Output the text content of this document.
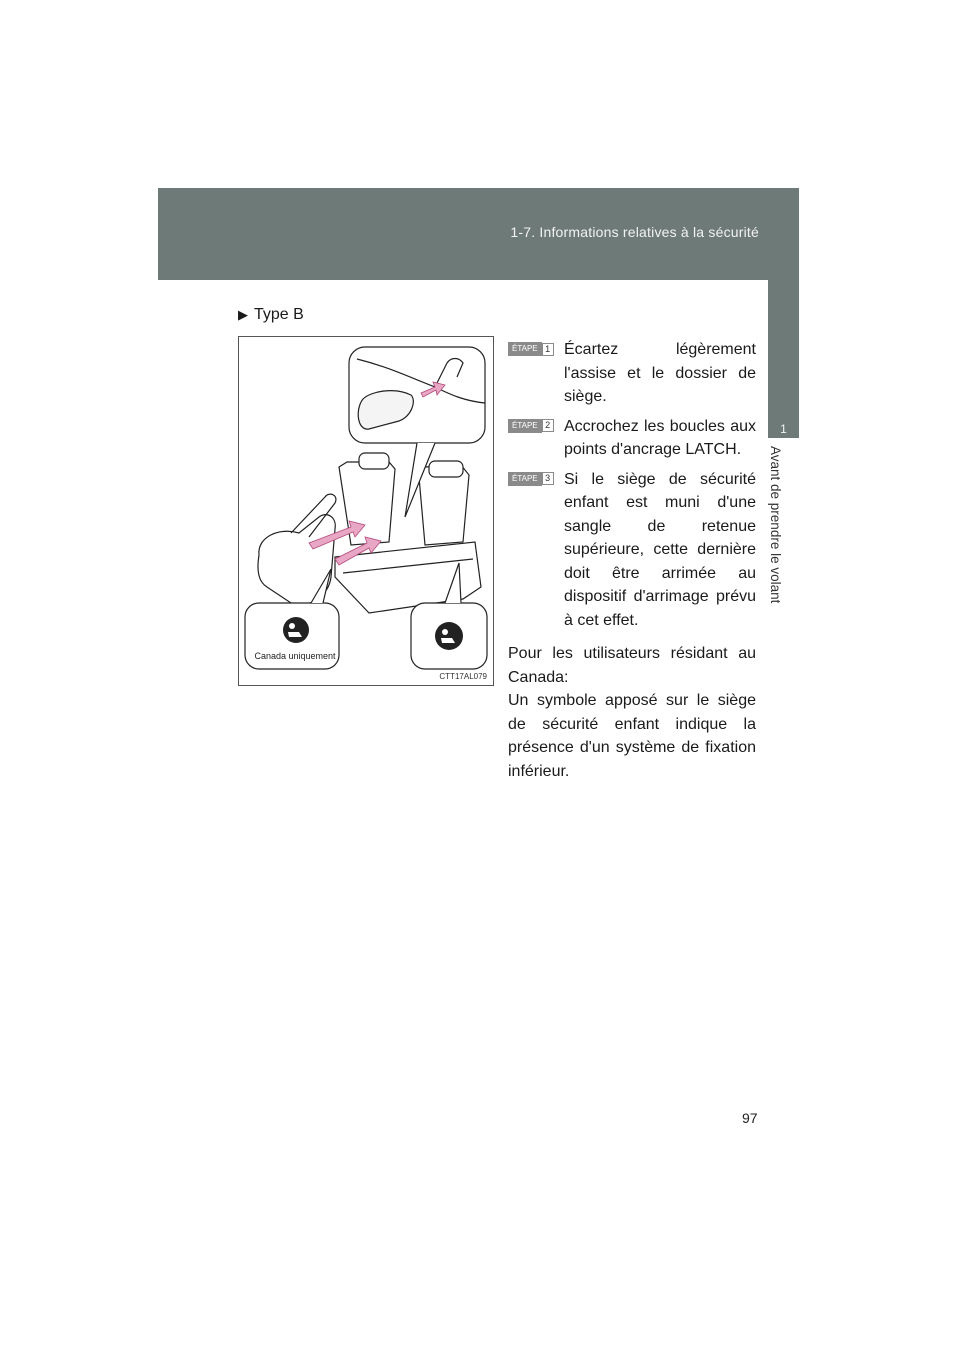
1-7. Informations relatives à la sécurité
1
Avant de prendre le volant
▶ Type B
Canada uniquement
CTT17AL079
ÉTAPE 1 Écartez légèrement l'assise et le dossier de siège.
ÉTAPE 2 Accrochez les boucles aux points d'ancrage LATCH.
ÉTAPE 3 Si le siège de sécurité enfant est muni d'une sangle de retenue supérieure, cette dernière doit être arrimée au dispositif d'arrimage prévu à cet effet.

Pour les utilisateurs résidant au Canada:

Un symbole apposé sur le siège de sécurité enfant indique la présence d'un système de fixation inférieur.

97
